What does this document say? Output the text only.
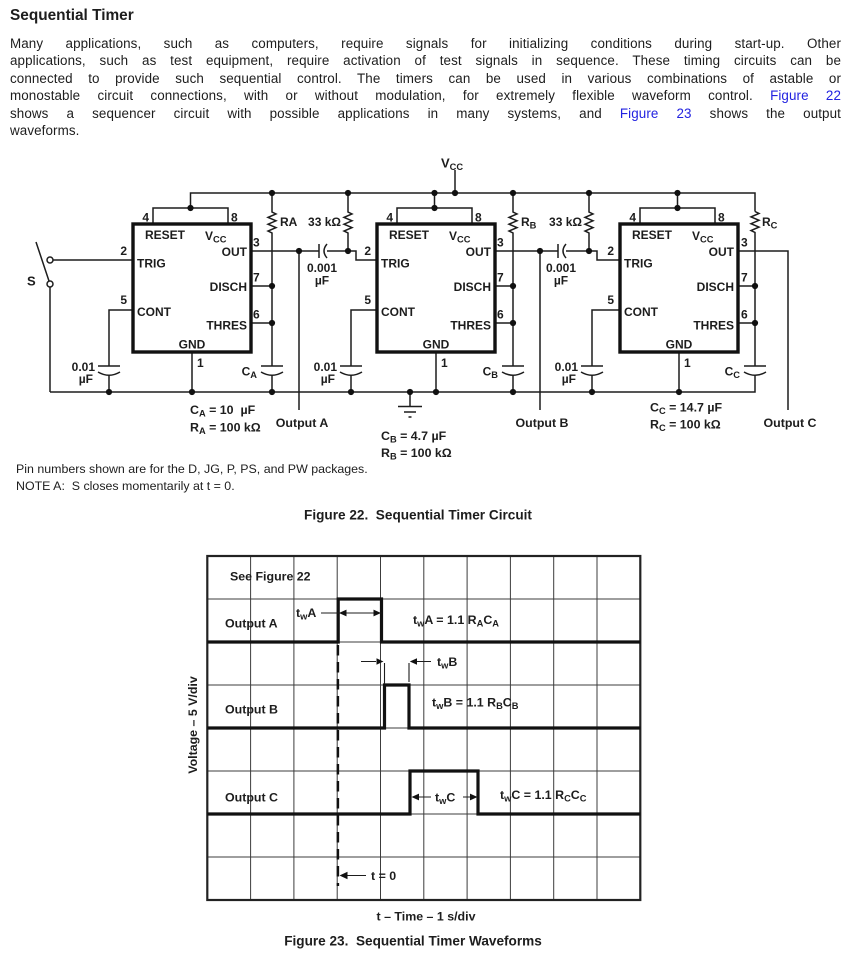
Sequential Timer
Many applications, such as computers, require signals for initializing conditions during start-up. Other
applications, such as test equipment, require activation of test signals in sequence. These timing circuits can be
connected to provide such sequential control. The timers can be used in various combinations of astable or
monostable circuit connections, with or without modulation, for extremely flexible waveform control. Figure 22
shows a sequencer circuit with possible applications in many systems, and Figure 23 shows the output
waveforms.
VCC
S
RESET $V_{CC}$
TRIG
OUT
DISCH
CONT
THRES
GND
4	8
2
3
7
5
6
1
RESET $V_{CC}$
TRIG
OUT
DISCH
CONT
THRES
GND
4	8
2
3
7
5
6
1
RESET $V_{CC}$
TRIG
OUT
DISCH
CONT
THRES
GND
4	8
2
3
7
5
6
1
RA 33 kΩ	$R_B$ 33 kΩ	$R_C$
0.001
µF
0.001
µF
0.01
µF
0.01
µF
0.01
µF
$C_A$	$C_B$	$C_C$
$C_A = 10$  µF
$R_A = 100$ kΩ
$C_B = 4.7$ µF
$R_B = 100$ kΩ
$C_C = 14.7$ µF
$R_C = 100$ kΩ
Output A	Output B	Output C
Pin numbers shown are for the D, JG, P, PS, and PW packages.
NOTE A:  S closes momentarily at t = 0.
Figure 22.  Sequential Timer Circuit
See Figure 22
Output A
Output B
Output C
$t_wA$
$t_wB$
$t_wC$
$t_wA = 1.1$ $R_AC_A$
$t_wB = 1.1$ $R_BC_B$
$t_wC = 1.1$ $R_CC_C$
t = 0
t – Time – 1 s/div
Voltage – 5 V/div
Figure 23.  Sequential Timer Waveforms
